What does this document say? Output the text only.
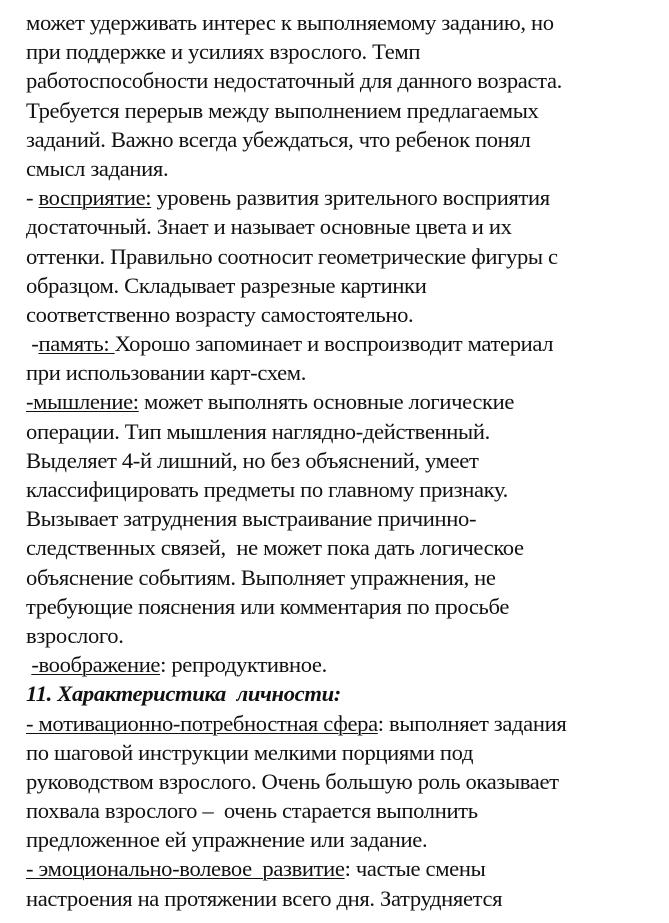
может удерживать интерес к выполняемому заданию, но
при поддержке и усилиях взрослого. Темп
работоспособности недостаточный для данного возраста.
Требуется перерыв между выполнением предлагаемых
заданий. Важно всегда убеждаться, что ребенок понял
смысл задания.
- восприятие: уровень развития зрительного восприятия
достаточный. Знает и называет основные цвета и их
оттенки. Правильно соотносит геометрические фигуры с
образцом. Складывает разрезные картинки
соответственно возрасту самостоятельно.
-память: Хорошо запоминает и воспроизводит материал
при использовании карт-схем.
-мышление: может выполнять основные логические
операции. Тип мышления наглядно-действенный.
Выделяет 4-й лишний, но без объяснений, умеет
классифицировать предметы по главному признаку.
Вызывает затруднения выстраивание причинно-
следственных связей,  не может пока дать логическое
объяснение событиям. Выполняет упражнения, не
требующие пояснения или комментария по просьбе
взрослого.
-воображение: репродуктивное.
11. Характеристика  личности:
- мотивационно-потребностная сфера: выполняет задания
по шаговой инструкции мелкими порциями под
руководством взрослого. Очень большую роль оказывает
похвала взрослого –  очень старается выполнить
предложенное ей упражнение или задание.
- эмоционально-волевое  развитие: частые смены
настроения на протяжении всего дня. Затрудняется
